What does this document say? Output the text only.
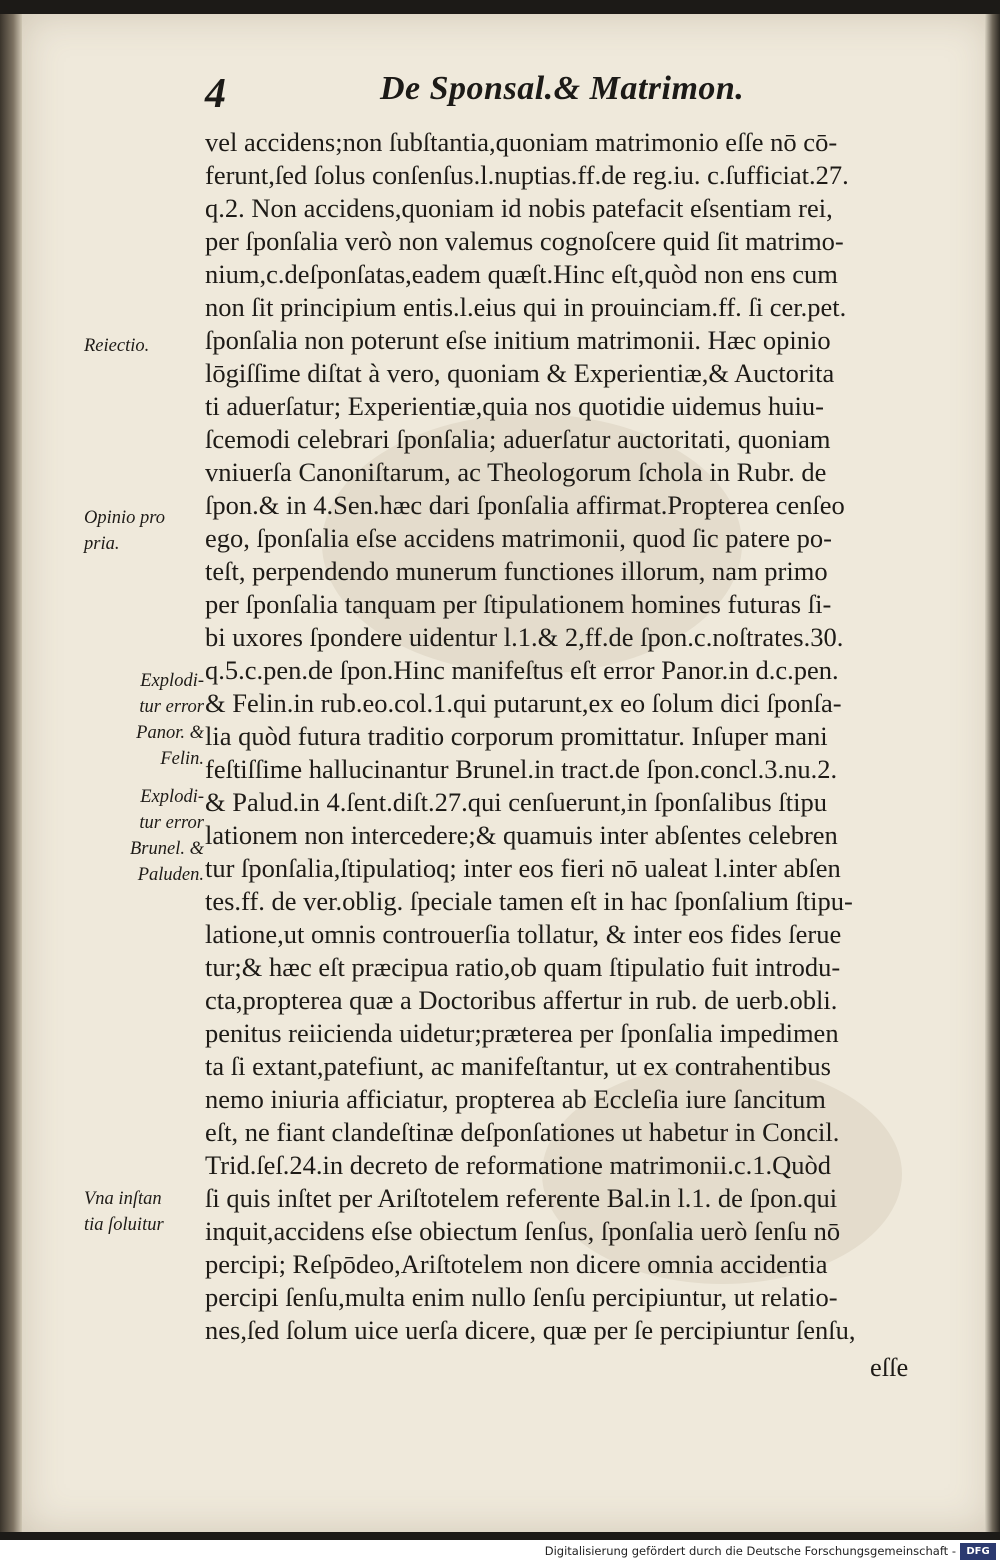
4	De Sponsal.& Matrimon.
vel accidens;non ſubſtantia,quoniam matrimonio eſſe nō cō-
ferunt,ſed ſolus conſenſus.l.nuptias.ff.de reg.iu. c.ſufficiat.27.
q.2. Non accidens,quoniam id nobis patefacit eſsentiam rei,
per ſponſalia verò non valemus cognoſcere quid ſit matrimo-
nium,c.deſponſatas,eadem quæſt.Hinc eſt,quòd non ens cum
non ſit principium entis.l.eius qui in prouinciam.ff. ſi cer.pet.
ſponſalia non poterunt eſse initium matrimonii. Hæc opinio
lōgiſſime diſtat à vero, quoniam & Experientiæ,& Auctorita
ti aduerſatur; Experientiæ,quia nos quotidie uidemus huiu-
ſcemodi celebrari ſponſalia; aduerſatur auctoritati, quoniam
vniuerſa Canoniſtarum, ac Theologorum ſchola in Rubr. de
ſpon.& in 4.Sen.hæc dari ſponſalia affirmat.Propterea cenſeo
ego, ſponſalia eſse accidens matrimonii, quod ſic patere po-
teſt, perpendendo munerum functiones illorum, nam primo
per ſponſalia tanquam per ſtipulationem homines futuras ſi-
bi uxores ſpondere uidentur l.1.& 2,ff.de ſpon.c.noſtrates.30.
q.5.c.pen.de ſpon.Hinc manifeſtus eſt error Panor.in d.c.pen.
& Felin.in rub.eo.col.1.qui putarunt,ex eo ſolum dici ſponſa-
lia quòd futura traditio corporum promittatur. Inſuper mani
feſtiſſime hallucinantur Brunel.in tract.de ſpon.concl.3.nu.2.
& Palud.in 4.ſent.diſt.27.qui cenſuerunt,in ſponſalibus ſtipu
lationem non intercedere;& quamuis inter abſentes celebren
tur ſponſalia,ſtipulatioq; inter eos fieri nō ualeat l.inter abſen
tes.ff. de ver.oblig. ſpeciale tamen eſt in hac ſponſalium ſtipu-
latione,ut omnis controuerſia tollatur, & inter eos fides ſerue
tur;& hæc eſt præcipua ratio,ob quam ſtipulatio fuit introdu-
cta,propterea quæ a Doctoribus affertur in rub. de uerb.obli.
penitus reiicienda uidetur;præterea per ſponſalia impedimen
ta ſi extant,patefiunt, ac manifeſtantur, ut ex contrahentibus
nemo iniuria afficiatur, propterea ab Eccleſia iure ſancitum
eſt, ne fiant clandeſtinæ deſponſationes ut habetur in Concil.
Trid.ſeſ.24.in decreto de reformatione matrimonii.c.1.Quòd
ſi quis inſtet per Ariſtotelem referente Bal.in l.1. de ſpon.qui
inquit,accidens eſse obiectum ſenſus, ſponſalia uerò ſenſu nō
percipi; Reſpōdeo,Ariſtotelem non dicere omnia accidentia
percipi ſenſu,multa enim nullo ſenſu percipiuntur, ut relatio-
nes,ſed ſolum uice uerſa dicere, quæ per ſe percipiuntur ſenſu,
Reiectio.
Opinio pro
pria.
Explodi-
tur error
Panor. &
Felin.
Explodi-
tur error
Brunel. &
Paluden.
Vna inſtan
tia ſoluitur

eſſe

Digitalisierung gefördert durch die Deutsche Forschungsgemeinschaft -	DFG
